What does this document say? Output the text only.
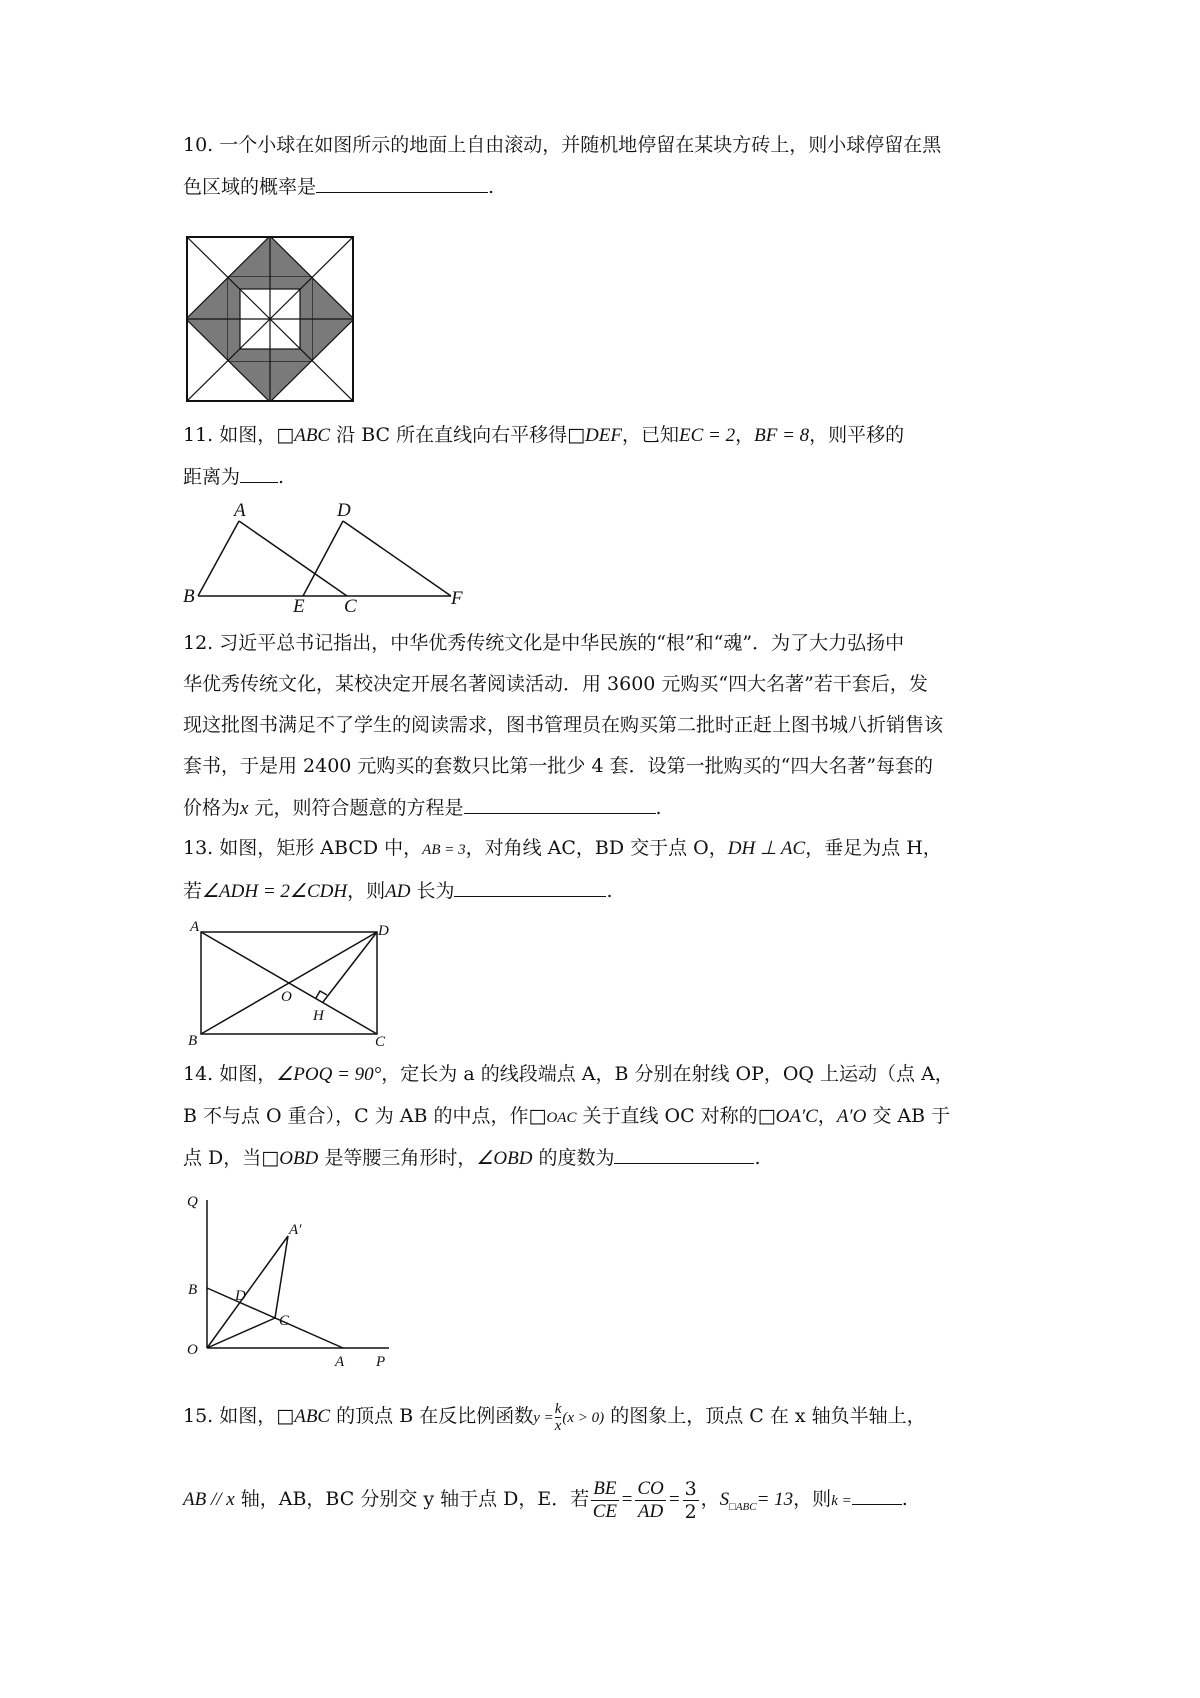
10. 一个小球在如图所示的地面上自由滚动，并随机地停留在某块方砖上，则小球停留在黑
色区域的概率是	.
11. 如图，□ABC 沿 BC 所在直线向右平移得□DEF，已知EC = 2，BF = 8，则平移的
距离为 .
A	D
B	E C	F
12. 习近平总书记指出，中华优秀传统文化是中华民族的“根”和“魂”．为了大力弘扬中
华优秀传统文化，某校决定开展名著阅读活动．用 3600 元购买“四大名著”若干套后，发
现这批图书满足不了学生的阅读需求，图书管理员在购买第二批时正赶上图书城八折销售该
套书，于是用 2400 元购买的套数只比第一批少 4 套．设第一批购买的“四大名著”每套的
价格为x 元，则符合题意的方程是	.
13. 如图，矩形 ABCD 中，AB = 3，对角线 AC，BD 交于点 O，DH ⊥ AC，垂足为点 H，
若∠ADH = 2∠CDH，则AD 长为	.
A	D
B	C
O
H
14. 如图，∠POQ = 90°，定长为 a 的线段端点 A，B 分别在射线 OP，OQ 上运动（点 A，
B 不与点 O 重合），C 为 AB 的中点，作□OAC 关于直线 OC 对称的□OA′C，A′O 交 AB 于
点 D，当□OBD 是等腰三角形时，∠OBD 的度数为	.
Q
B
O
A P
C
D
A′
15. 如图，□ABC 的顶点 B 在反比例函数$y = \frac{k}{x} (x > 0)$ 的图象上，顶点 C 在 x 轴负半轴上，
AB // x 轴，AB，BC 分别交 y 轴于点 D，E．若 $\frac{BE}{CE} = \frac{CO}{AD} = \frac{3}{2}$ ，$S_{□ABC}= 13$，则k =	.
